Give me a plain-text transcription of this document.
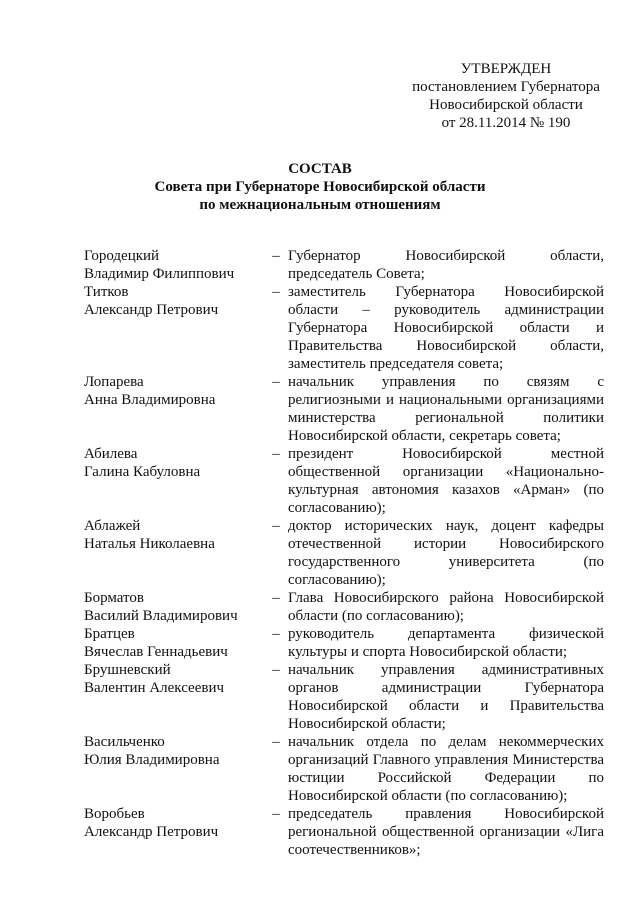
УТВЕРЖДЕН
постановлением Губернатора
Новосибирской области
от 28.11.2014 № 190
СОСТАВ
Совета при Губернаторе Новосибирской области
по межнациональным отношениям
Городецкий
Владимир Филиппович
– Губернатор Новосибирской области, председатель Совета;
Титков
Александр Петрович
– заместитель Губернатора Новосибирской области – руководитель администрации Губернатора Новосибирской области и Правительства Новосибирской области, заместитель председателя совета;
Лопарева
Анна Владимировна
– начальник управления по связям с религиозными и национальными организациями министерства региональной политики Новосибирской области, секретарь совета;
Абилева
Галина Кабуловна
– президент Новосибирской местной общественной организации «Национально-культурная автономия казахов «Арман» (по согласованию);
Аблажей
Наталья Николаевна
– доктор исторических наук, доцент кафедры отечественной истории Новосибирского государственного университета (по согласованию);
Борматов
Василий Владимирович
– Глава Новосибирского района Новосибирской области (по согласованию);
Братцев
Вячеслав Геннадьевич
– руководитель департамента физической культуры и спорта Новосибирской области;
Брушневский
Валентин Алексеевич
– начальник управления административных органов администрации Губернатора Новосибирской области и Правительства Новосибирской области;
Васильченко
Юлия Владимировна
– начальник отдела по делам некоммерческих организаций Главного управления Министерства юстиции Российской Федерации по Новосибирской области (по согласованию);
Воробьев
Александр Петрович
– председатель правления Новосибирской региональной общественной организации «Лига соотечественников»;
